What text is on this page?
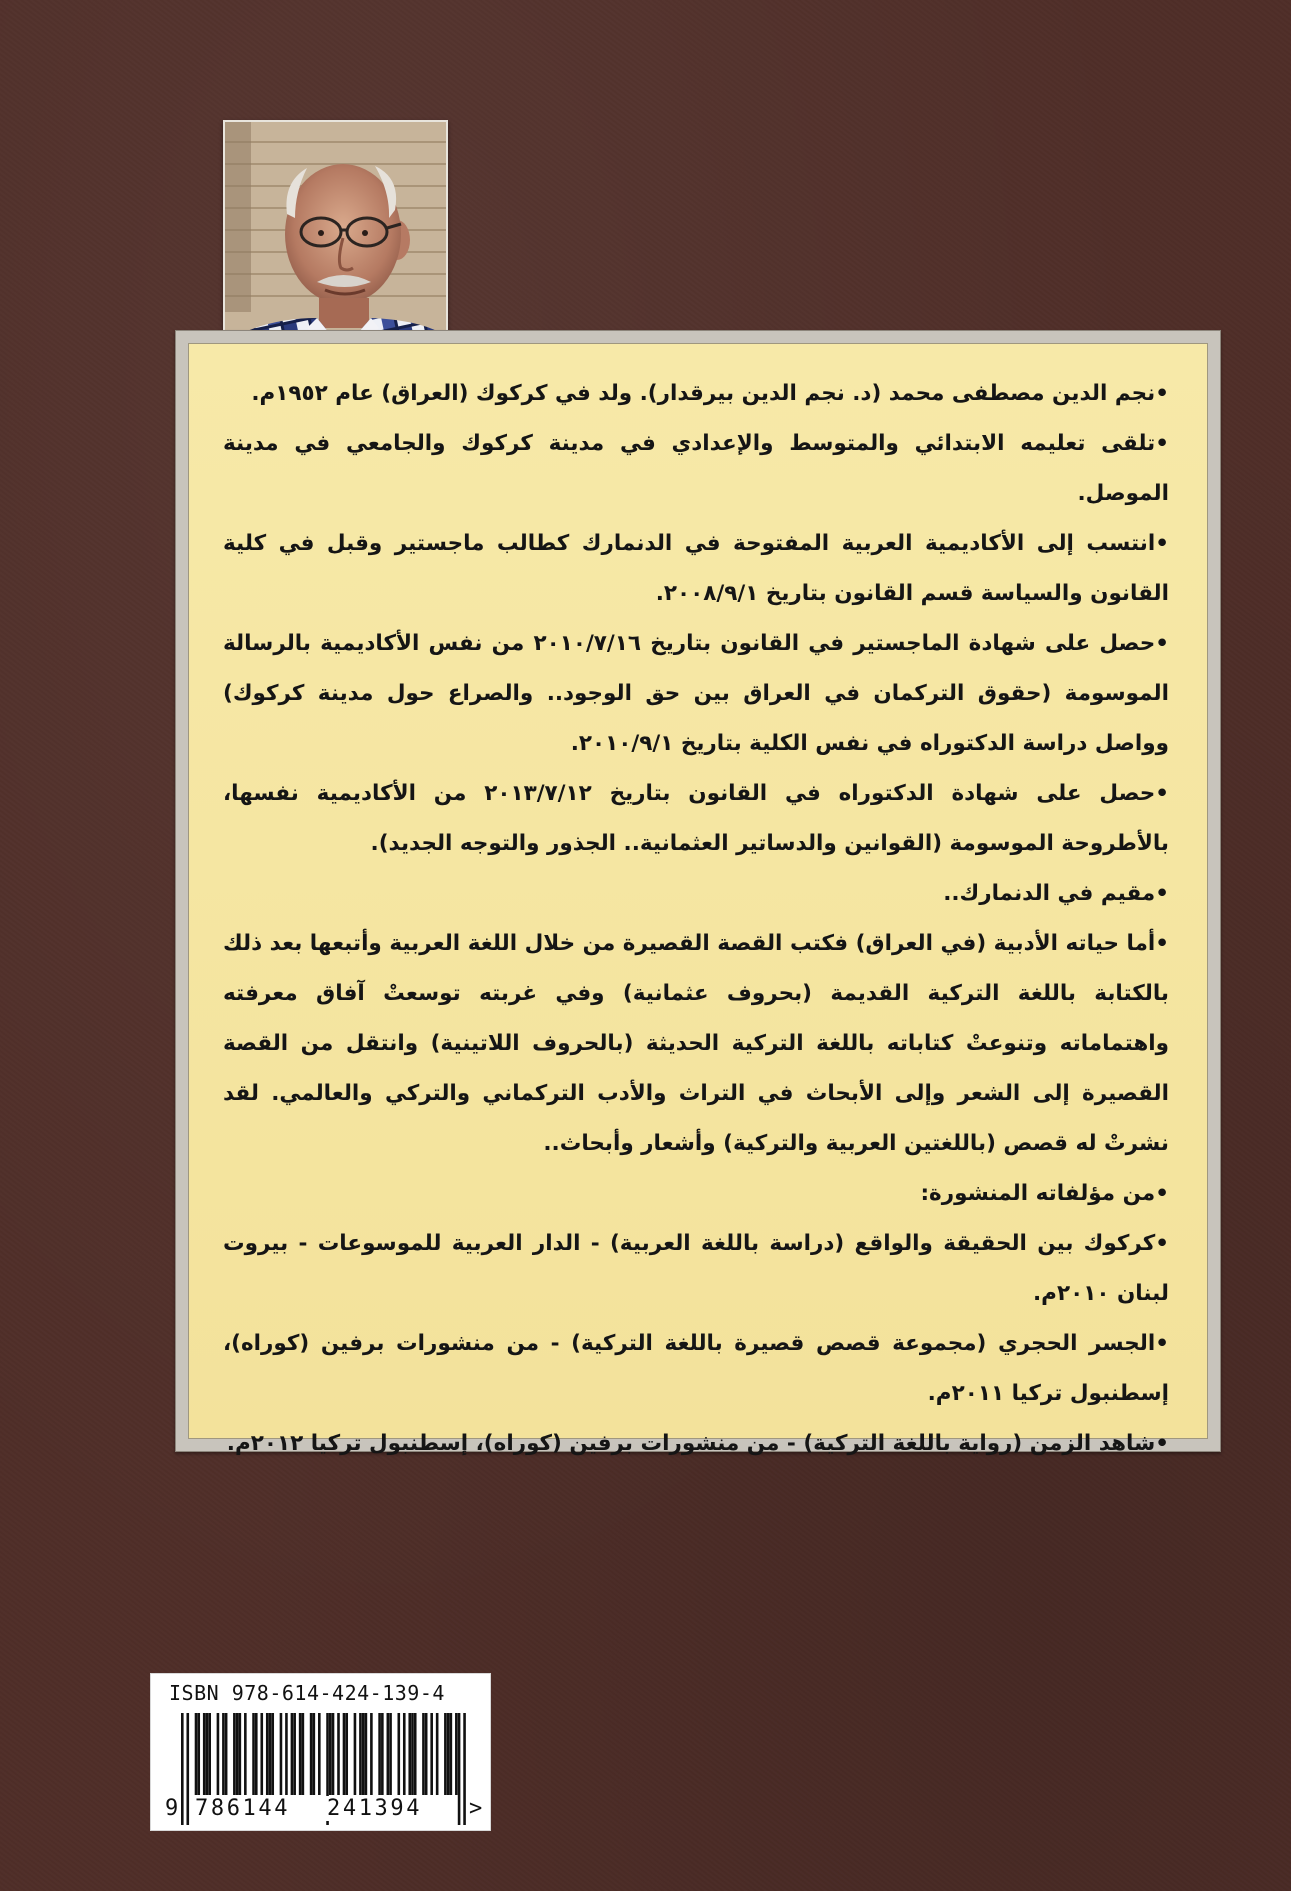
•نجم الدين مصطفى محمد (د. نجم الدين بيرقدار). ولد في كركوك (العراق) عام ١٩٥٢م.

•تلقى تعليمه الابتدائي والمتوسط والإعدادي في مدينة كركوك والجامعي في مدينة الموصل.

•انتسب إلى الأكاديمية العربية المفتوحة في الدنمارك كطالب ماجستير وقبل في كلية القانون والسياسة قسم القانون بتاريخ ٢٠٠٨/٩/١.

•حصل على شهادة الماجستير في القانون بتاريخ ٢٠١٠/٧/١٦ من نفس الأكاديمية بالرسالة الموسومة (حقوق التركمان في العراق بين حق الوجود.. والصراع حول مدينة كركوك) وواصل دراسة الدكتوراه في نفس الكلية بتاريخ ٢٠١٠/٩/١.

•حصل على شهادة الدكتوراه في القانون بتاريخ ٢٠١٣/٧/١٢ من الأكاديمية نفسها، بالأطروحة الموسومة (القوانين والدساتير العثمانية.. الجذور والتوجه الجديد).

•مقيم في الدنمارك..

•أما حياته الأدبية (في العراق) فكتب القصة القصيرة من خلال اللغة العربية وأتبعها بعد ذلك بالكتابة باللغة التركية القديمة (بحروف عثمانية) وفي غربته توسعتْ آفاق معرفته واهتماماته وتنوعتْ كتاباته باللغة التركية الحديثة (بالحروف اللاتينية) وانتقل من القصة القصيرة إلى الشعر وإلى الأبحاث في التراث والأدب التركماني والتركي والعالمي. لقد نشرتْ له قصص (باللغتين العربية والتركية) وأشعار وأبحاث..

•من مؤلفاته المنشورة:

•كركوك بين الحقيقة والواقع (دراسة باللغة العربية) - الدار العربية للموسوعات - بيروت لبنان ٢٠١٠م.

•الجسر الحجري (مجموعة قصص قصيرة باللغة التركية) - من منشورات برفين (كوراه)، إسطنبول تركيا ٢٠١١م.

•شاهد الزمن (رواية باللغة التركية) - من منشورات برفين (كوراه)، إسطنبول تركيا ٢٠١٢م.

ISBN 978-614-424-139-4
9 786144 241394 >
